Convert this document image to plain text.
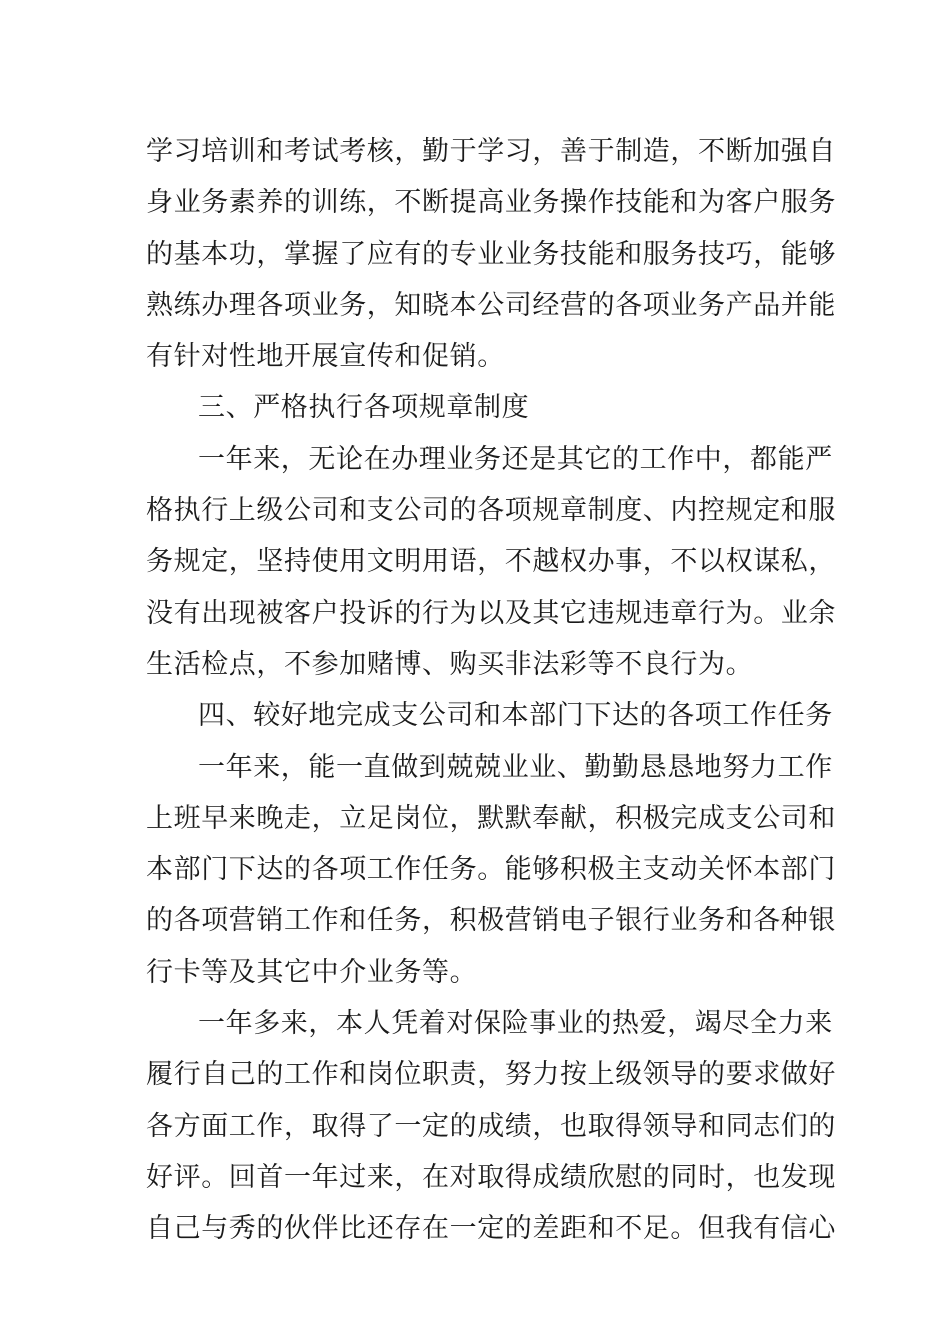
学习培训和考试考核，勤于学习，善于制造，不断加强自
身业务素养的训练，不断提高业务操作技能和为客户服务
的基本功，掌握了应有的专业业务技能和服务技巧，能够
熟练办理各项业务，知晓本公司经营的各项业务产品并能
有针对性地开展宣传和促销。
三、严格执行各项规章制度
一年来，无论在办理业务还是其它的工作中，都能严
格执行上级公司和支公司的各项规章制度、内控规定和服
务规定，坚持使用文明用语，不越权办事，不以权谋私，
没有出现被客户投诉的行为以及其它违规违章行为。业余
生活检点，不参加赌博、购买非法彩等不良行为。
四、较好地完成支公司和本部门下达的各项工作任务
一年来，能一直做到兢兢业业、勤勤恳恳地努力工作
上班早来晚走，立足岗位，默默奉献，积极完成支公司和
本部门下达的各项工作任务。能够积极主支动关怀本部门
的各项营销工作和任务，积极营销电子银行业务和各种银
行卡等及其它中介业务等。
一年多来，本人凭着对保险事业的热爱，竭尽全力来
履行自己的工作和岗位职责，努力按上级领导的要求做好
各方面工作，取得了一定的成绩，也取得领导和同志们的
好评。回首一年过来，在对取得成绩欣慰的同时，也发现
自己与秀的伙伴比还存在一定的差距和不足。但我有信心
